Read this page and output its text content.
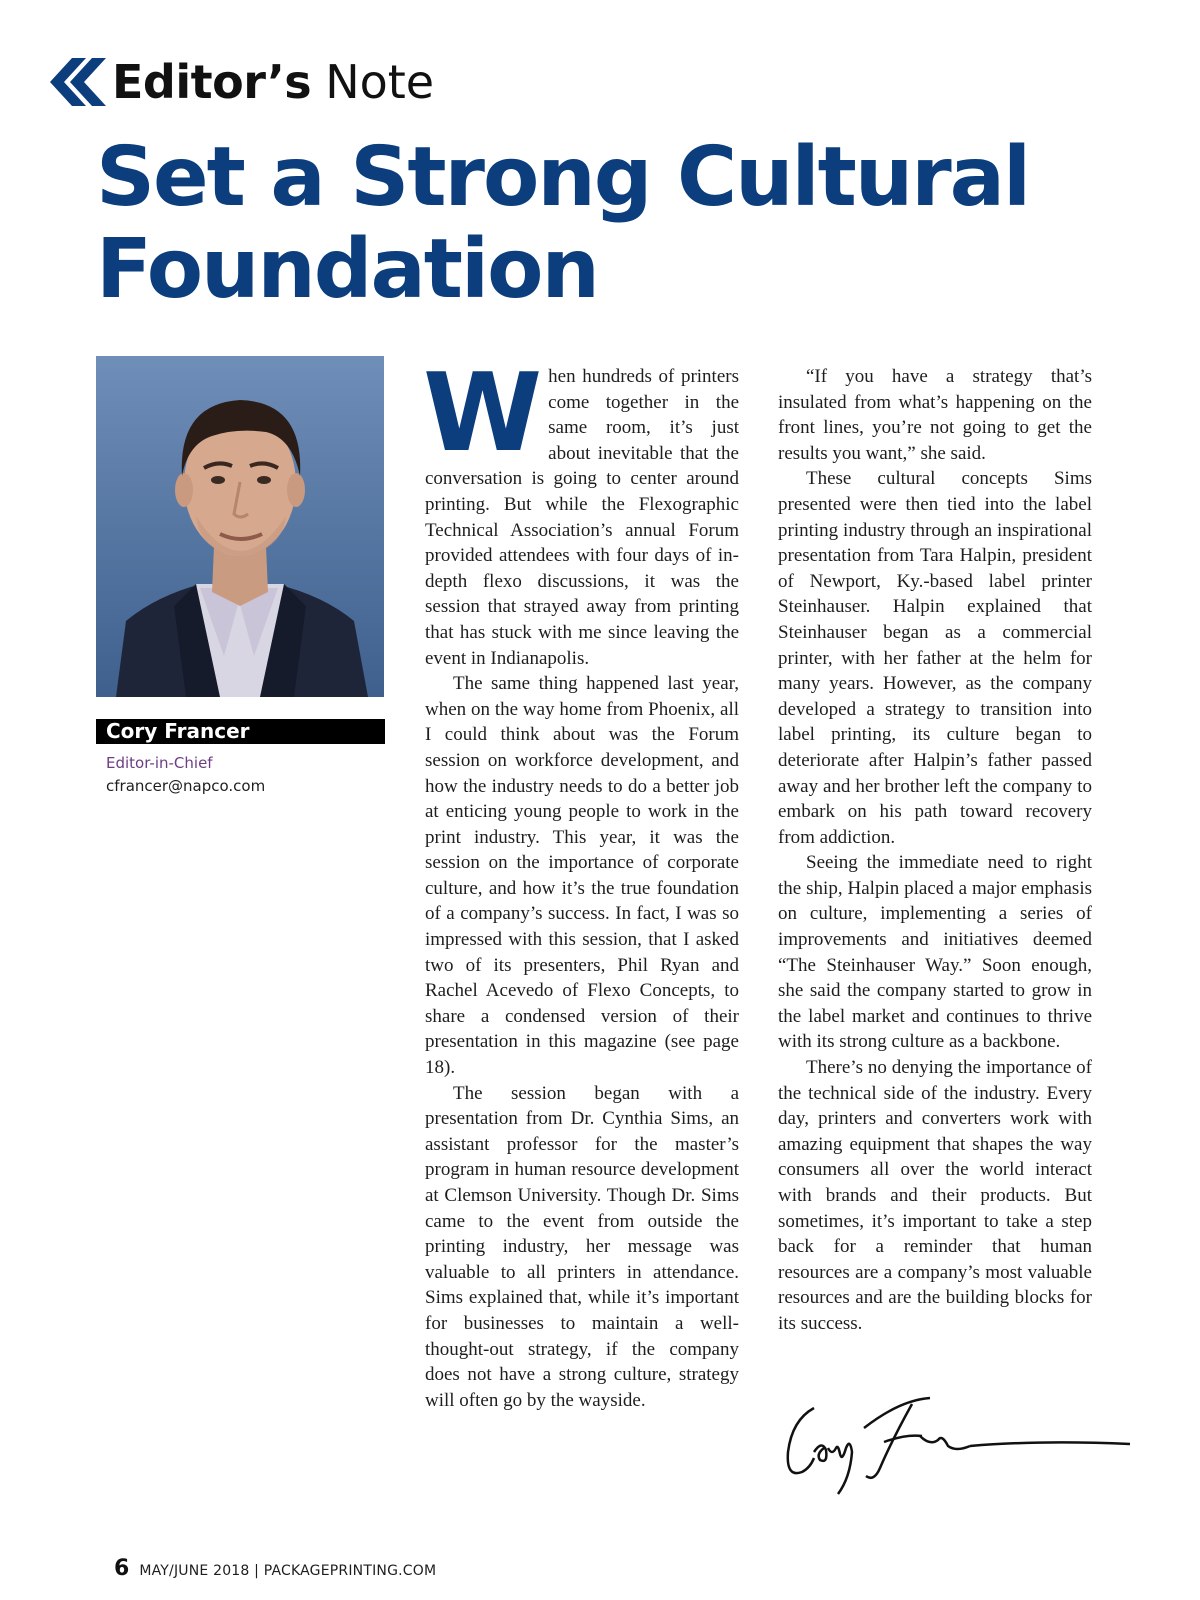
Editor’s Note
Set a Strong Cultural Foundation
Cory Francer
Editor-in-Chief
cfrancer@napco.com

When hundreds of printers come together in the same room, it’s just about inevitable that the conversation is going to center around printing. But while the Flexographic Technical Association’s annual Forum provided attendees with four days of in-depth flexo discussions, it was the session that strayed away from printing that has stuck with me since leaving the event in Indianapolis.

The same thing happened last year, when on the way home from Phoenix, all I could think about was the Forum session on workforce development, and how the industry needs to do a better job at enticing young people to work in the print industry. This year, it was the session on the importance of corporate culture, and how it’s the true foundation of a company’s success. In fact, I was so impressed with this session, that I asked two of its presenters, Phil Ryan and Rachel Acevedo of Flexo Concepts, to share a condensed version of their presentation in this magazine (see page 18).

The session began with a presentation from Dr. Cynthia Sims, an assistant professor for the master’s program in human resource development at Clemson University. Though Dr. Sims came to the event from outside the printing industry, her message was valuable to all printers in attendance. Sims explained that, while it’s important for businesses to maintain a well-thought-out strategy, if the company does not have a strong culture, strategy will often go by the wayside.

“If you have a strategy that’s insulated from what’s happening on the front lines, you’re not going to get the results you want,” she said.

These cultural concepts Sims presented were then tied into the label printing industry through an inspirational presentation from Tara Halpin, president of Newport, Ky.-based label printer Steinhauser. Halpin explained that Steinhauser began as a commercial printer, with her father at the helm for many years. However, as the company developed a strategy to transition into label printing, its culture began to deteriorate after Halpin’s father passed away and her brother left the company to embark on his path toward recovery from addiction.

Seeing the immediate need to right the ship, Halpin placed a major emphasis on culture, implementing a series of improvements and initiatives deemed “The Steinhauser Way.” Soon enough, she said the company started to grow in the label market and continues to thrive with its strong culture as a backbone.

There’s no denying the importance of the technical side of the industry. Every day, printers and converters work with amazing equipment that shapes the way consumers all over the world interact with brands and their products. But sometimes, it’s important to take a step back for a reminder that human resources are a company’s most valuable resources and are the building blocks for its success.

6 MAY/JUNE 2018 | PACKAGEPRINTING.COM
